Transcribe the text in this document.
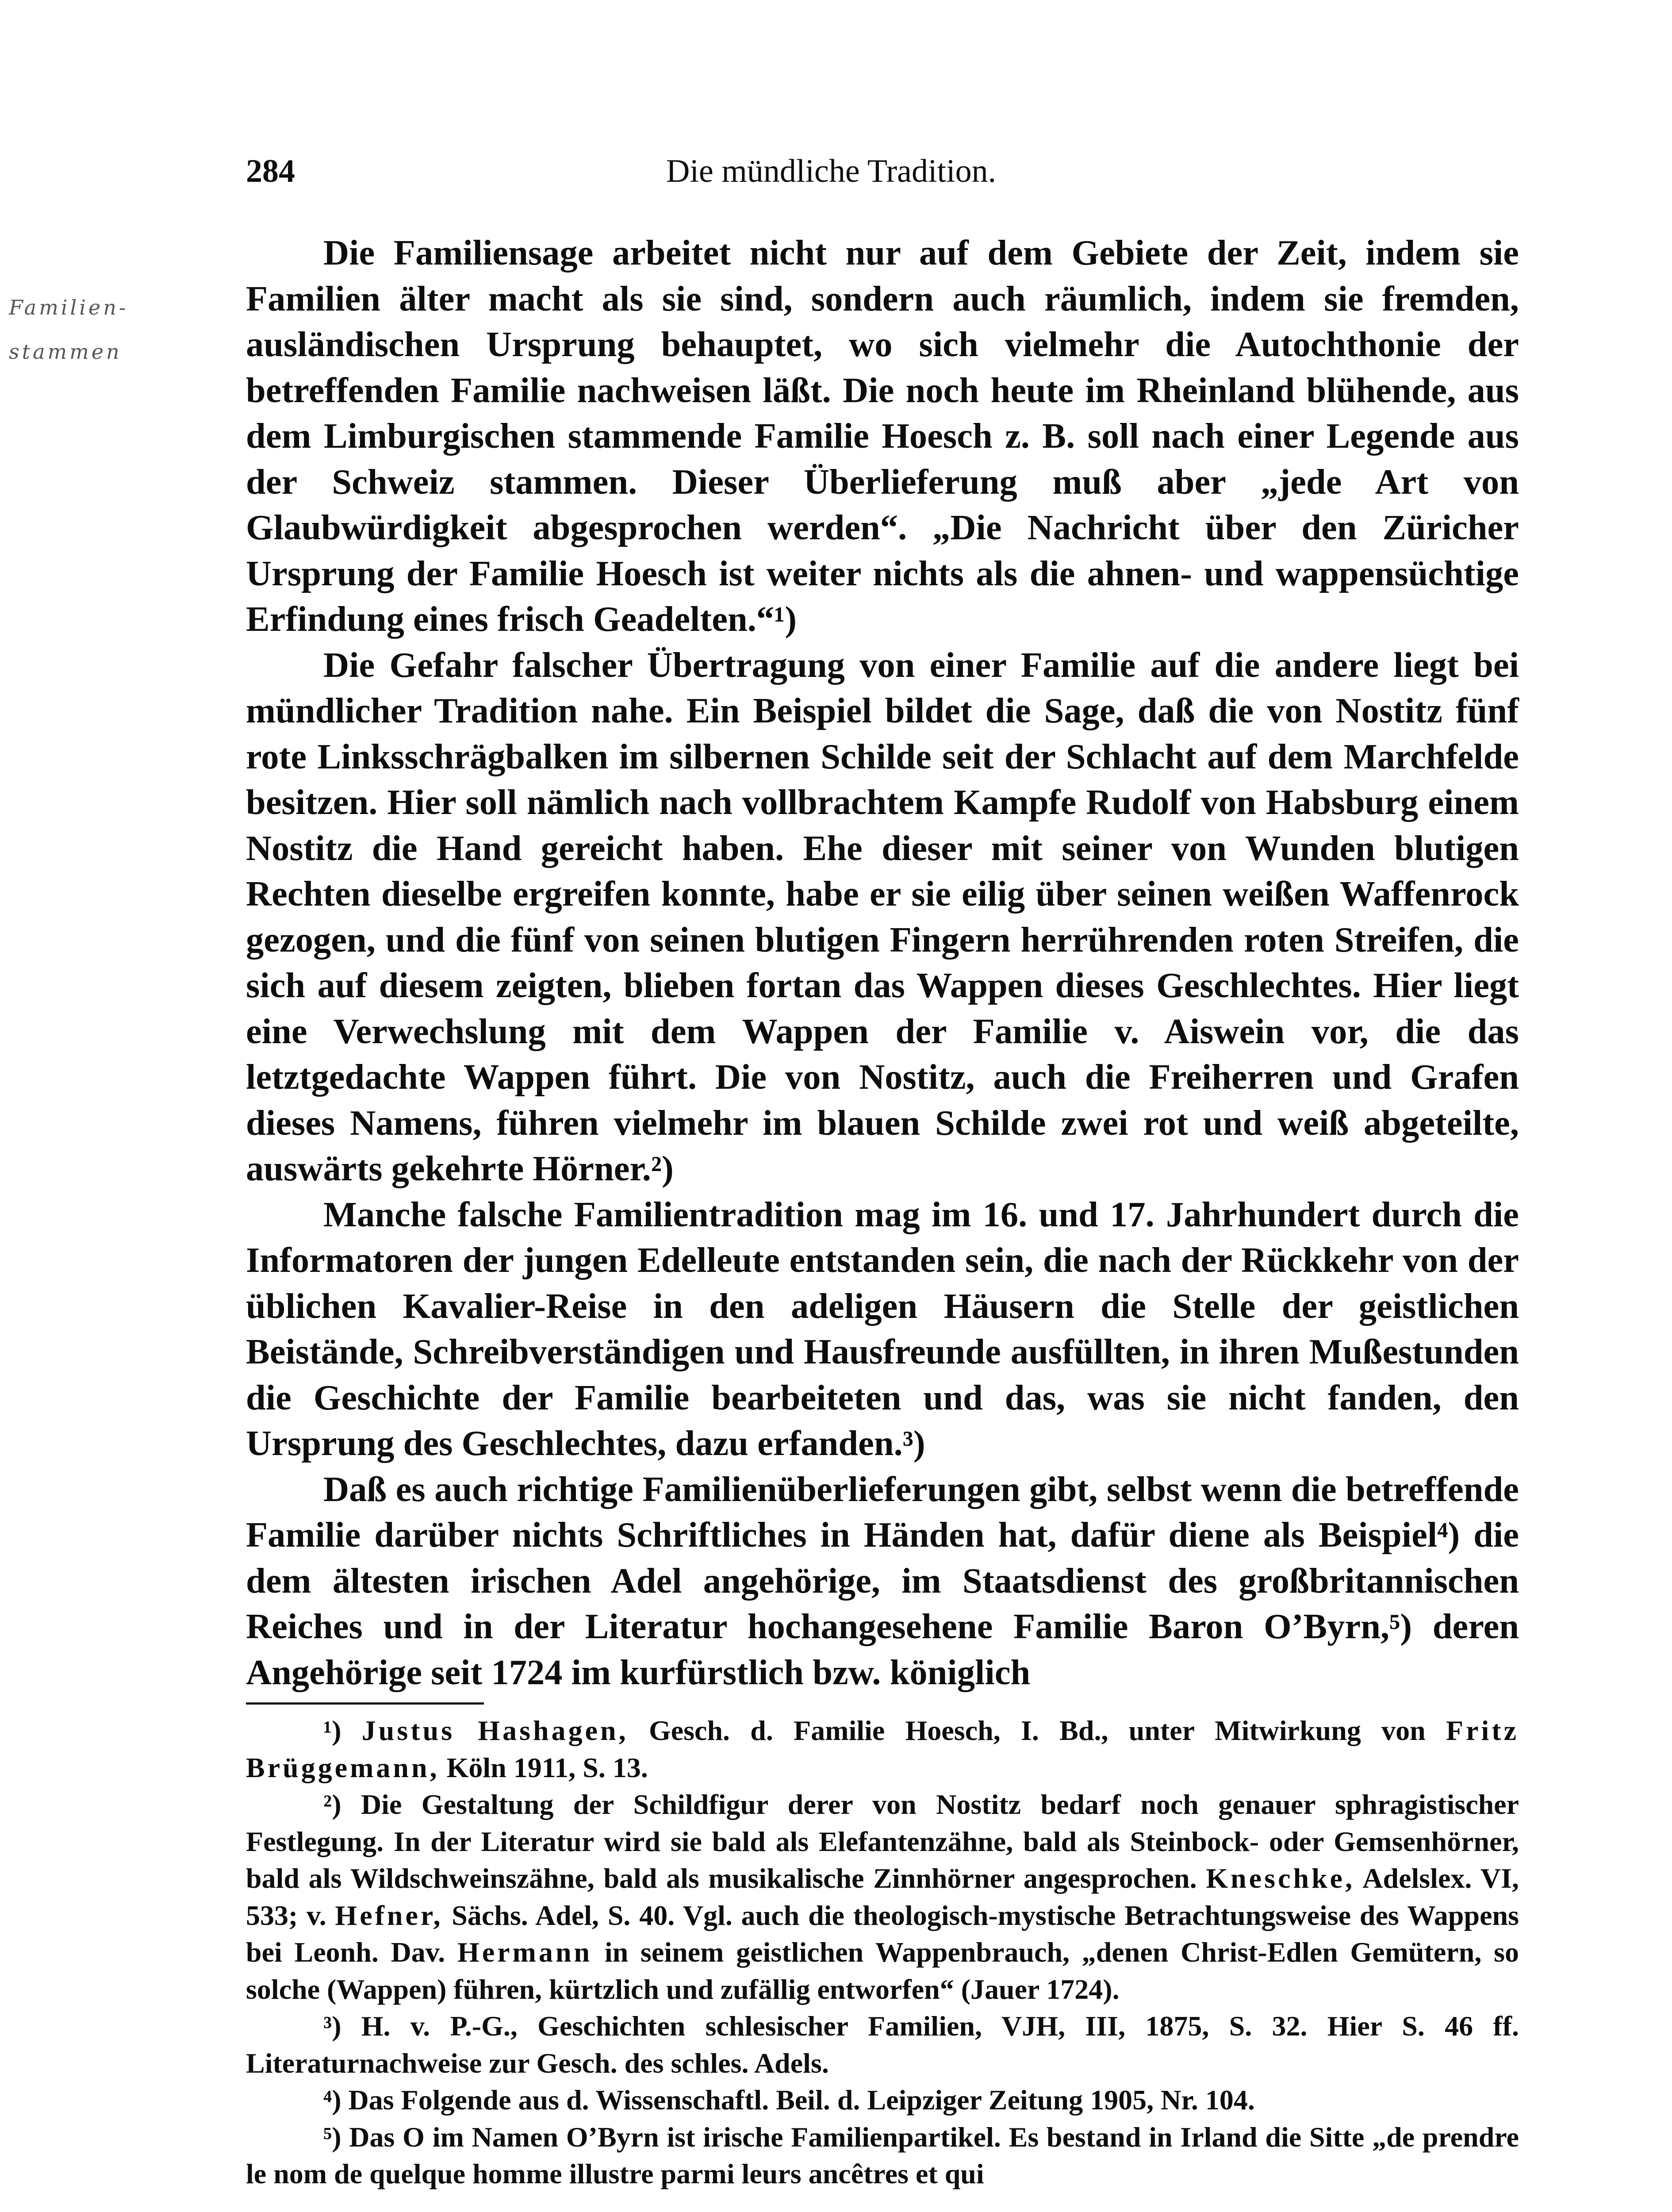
284	Die mündliche Tradition.
Familien-
stammen

Die Familiensage arbeitet nicht nur auf dem Gebiete der Zeit, indem sie Familien älter macht als sie sind, sondern auch räumlich, indem sie fremden, ausländischen Ursprung behauptet, wo sich vielmehr die Autochthonie der betreffenden Familie nachweisen läßt. Die noch heute im Rheinland blühende, aus dem Limburgischen stammende Familie Hoesch z. B. soll nach einer Legende aus der Schweiz stammen. Dieser Überlieferung muß aber „jede Art von Glaubwürdigkeit abgesprochen werden“. „Die Nachricht über den Züricher Ursprung der Familie Hoesch ist weiter nichts als die ahnen- und wappensüchtige Erfindung eines frisch Geadelten.“¹)

Die Gefahr falscher Übertragung von einer Familie auf die andere liegt bei mündlicher Tradition nahe. Ein Beispiel bildet die Sage, daß die von Nostitz fünf rote Linksschrägbalken im silbernen Schilde seit der Schlacht auf dem Marchfelde besitzen. Hier soll nämlich nach vollbrachtem Kampfe Rudolf von Habsburg einem Nostitz die Hand gereicht haben. Ehe dieser mit seiner von Wunden blutigen Rechten dieselbe ergreifen konnte, habe er sie eilig über seinen weißen Waffenrock gezogen, und die fünf von seinen blutigen Fingern herrührenden roten Streifen, die sich auf diesem zeigten, blieben fortan das Wappen dieses Geschlechtes. Hier liegt eine Verwechslung mit dem Wappen der Familie v. Aiswein vor, die das letztgedachte Wappen führt. Die von Nostitz, auch die Freiherren und Grafen dieses Namens, führen vielmehr im blauen Schilde zwei rot und weiß abgeteilte, auswärts gekehrte Hörner.²)

Manche falsche Familientradition mag im 16. und 17. Jahrhundert durch die Informatoren der jungen Edelleute entstanden sein, die nach der Rückkehr von der üblichen Kavalier-Reise in den adeligen Häusern die Stelle der geistlichen Beistände, Schreibverständigen und Hausfreunde ausfüllten, in ihren Mußestunden die Geschichte der Familie bearbeiteten und das, was sie nicht fanden, den Ursprung des Geschlechtes, dazu erfanden.³)

Daß es auch richtige Familienüberlieferungen gibt, selbst wenn die betreffende Familie darüber nichts Schriftliches in Händen hat, dafür diene als Beispiel⁴) die dem ältesten irischen Adel angehörige, im Staatsdienst des großbritannischen Reiches und in der Literatur hochangesehene Familie Baron O’Byrn,⁵) deren Angehörige seit 1724 im kurfürstlich bzw. königlich

¹) Justus Hashagen, Gesch. d. Familie Hoesch, I. Bd., unter Mitwirkung von Fritz Brüggemann, Köln 1911, S. 13.

²) Die Gestaltung der Schildfigur derer von Nostitz bedarf noch genauer sphragistischer Festlegung. In der Literatur wird sie bald als Elefantenzähne, bald als Steinbock- oder Gemsenhörner, bald als Wildschweinszähne, bald als musikalische Zinnhörner angesprochen. Kneschke, Adelslex. VI, 533; v. Hefner, Sächs. Adel, S. 40. Vgl. auch die theologisch-mystische Betrachtungsweise des Wappens bei Leonh. Dav. Hermann in seinem geistlichen Wappenbrauch, „denen Christ-Edlen Gemütern, so solche (Wappen) führen, kürtzlich und zufällig entworfen“ (Jauer 1724).

³) H. v. P.-G., Geschichten schlesischer Familien, VJH, III, 1875, S. 32. Hier S. 46 ff. Literaturnachweise zur Gesch. des schles. Adels.

⁴) Das Folgende aus d. Wissenschaftl. Beil. d. Leipziger Zeitung 1905, Nr. 104.

⁵) Das O im Namen O’Byrn ist irische Familienpartikel. Es bestand in Irland die Sitte „de prendre le nom de quelque homme illustre parmi leurs ancêtres et qui
